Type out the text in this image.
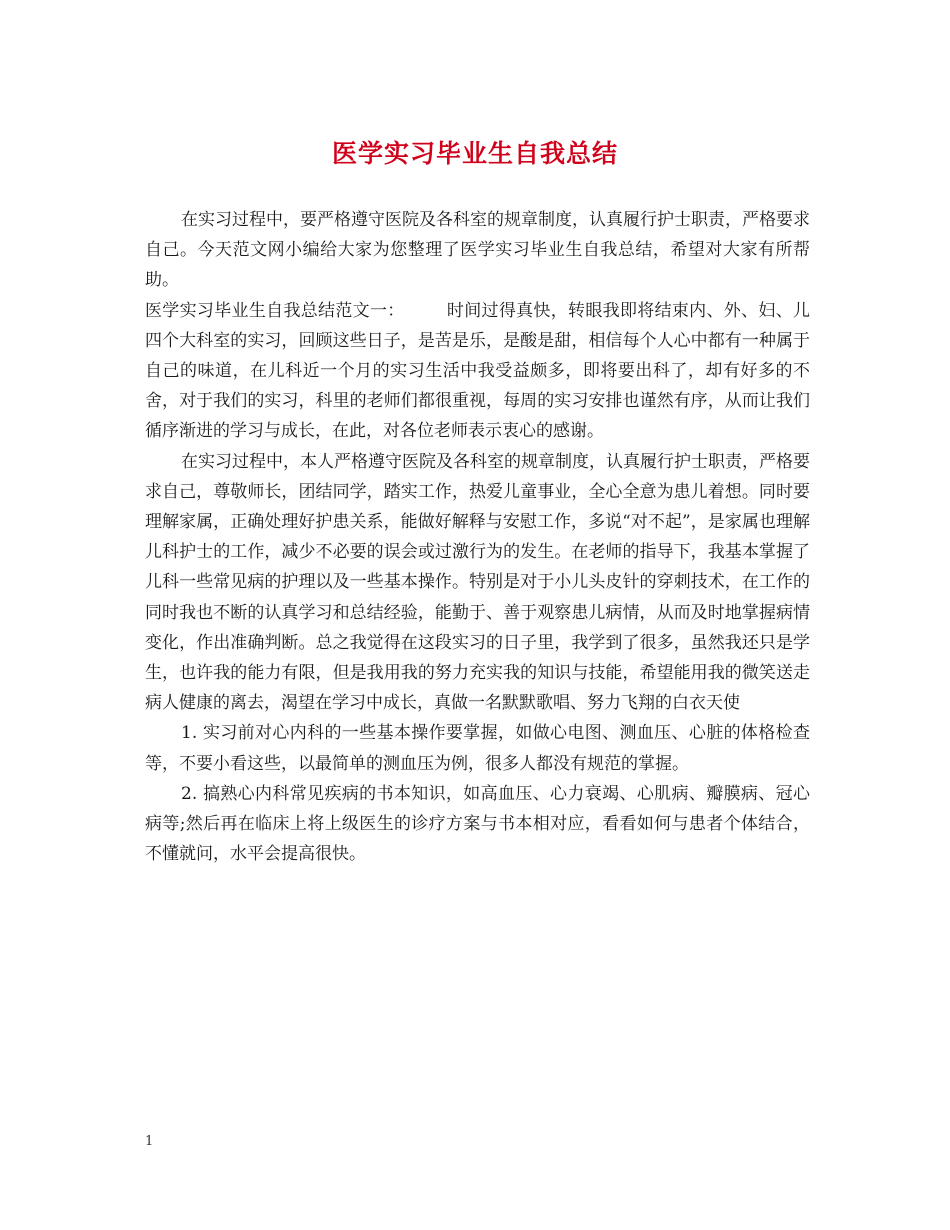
医学实习毕业生自我总结

在实习过程中，要严格遵守医院及各科室的规章制度，认真履行护士职责，严格要求自己。今天范文网小编给大家为您整理了医学实习毕业生自我总结，希望对大家有所帮助。

医学实习毕业生自我总结范文一： 时间过得真快，转眼我即将结束内、外、妇、儿四个大科室的实习，回顾这些日子，是苦是乐，是酸是甜，相信每个人心中都有一种属于自己的味道，在儿科近一个月的实习生活中我受益颇多，即将要出科了，却有好多的不舍，对于我们的实习，科里的老师们都很重视，每周的实习安排也谨然有序，从而让我们循序渐进的学习与成长，在此，对各位老师表示衷心的感谢。

在实习过程中，本人严格遵守医院及各科室的规章制度，认真履行护士职责，严格要求自己，尊敬师长，团结同学，踏实工作，热爱儿童事业，全心全意为患儿着想。同时要理解家属，正确处理好护患关系，能做好解释与安慰工作，多说“对不起”，是家属也理解儿科护士的工作，减少不必要的误会或过激行为的发生。在老师的指导下，我基本掌握了儿科一些常见病的护理以及一些基本操作。特别是对于小儿头皮针的穿刺技术，在工作的同时我也不断的认真学习和总结经验，能勤于、善于观察患儿病情，从而及时地掌握病情变化，作出准确判断。总之我觉得在这段实习的日子里，我学到了很多，虽然我还只是学生，也许我的能力有限，但是我用我的努力充实我的知识与技能，希望能用我的微笑送走病人健康的离去，渴望在学习中成长，真做一名默默歌唱、努力飞翔的白衣天使

1. 实习前对心内科的一些基本操作要掌握，如做心电图、测血压、心脏的体格检查等，不要小看这些，以最简单的测血压为例，很多人都没有规范的掌握。

2. 搞熟心内科常见疾病的书本知识，如高血压、心力衰竭、心肌病、瓣膜病、冠心病等;然后再在临床上将上级医生的诊疗方案与书本相对应，看看如何与患者个体结合，不懂就问，水平会提高很快。

1
